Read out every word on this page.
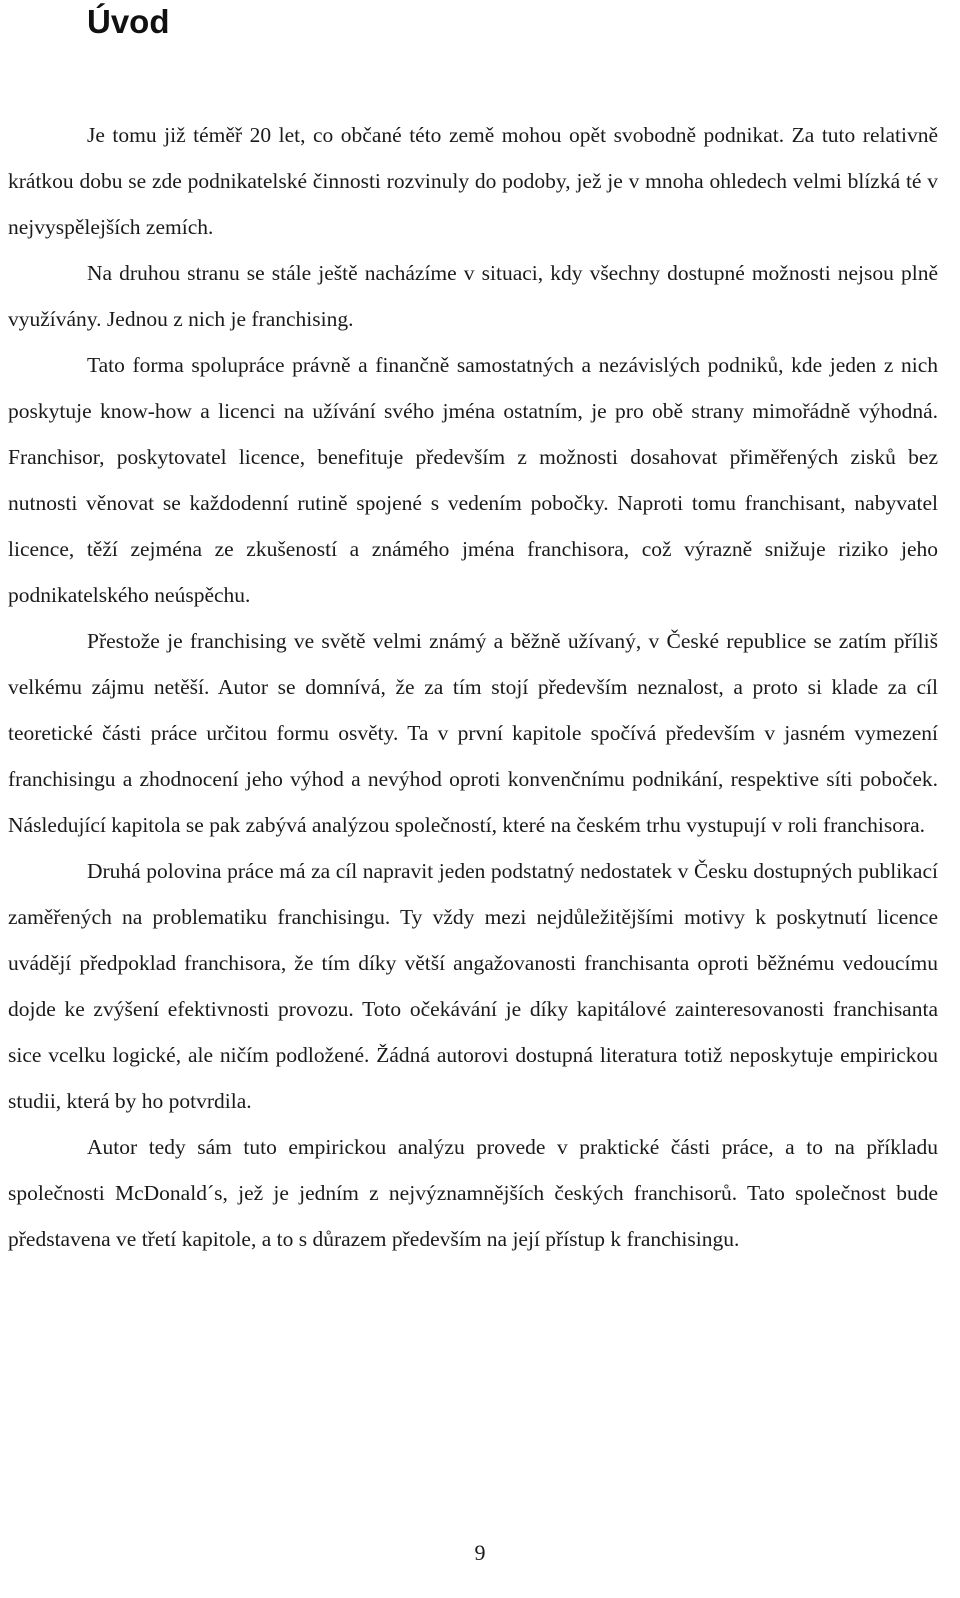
Úvod

Je tomu již téměř 20 let, co občané této země mohou opět svobodně podnikat. Za tuto relativně krátkou dobu se zde podnikatelské činnosti rozvinuly do podoby, jež je v mnoha ohledech velmi blízká té v nejvyspělejších zemích.

Na druhou stranu se stále ještě nacházíme v situaci, kdy všechny dostupné možnosti nejsou plně využívány. Jednou z nich je franchising.

Tato forma spolupráce právně a finančně samostatných a nezávislých podniků, kde jeden z nich poskytuje know-how a licenci na užívání svého jména ostatním, je pro obě strany mimořádně výhodná. Franchisor, poskytovatel licence, benefituje především z možnosti dosahovat přiměřených zisků bez nutnosti věnovat se každodenní rutině spojené s vedením pobočky. Naproti tomu franchisant, nabyvatel licence, těží zejména ze zkušeností a známého jména franchisora, což výrazně snižuje riziko jeho podnikatelského neúspěchu.

Přestože je franchising ve světě velmi známý a běžně užívaný, v České republice se zatím příliš velkému zájmu netěší. Autor se domnívá, že za tím stojí především neznalost, a proto si klade za cíl teoretické části práce určitou formu osvěty. Ta v první kapitole spočívá především v jasném vymezení franchisingu a zhodnocení jeho výhod a nevýhod oproti konvenčnímu podnikání, respektive síti poboček. Následující kapitola se pak zabývá analýzou společností, které na českém trhu vystupují v roli franchisora.

Druhá polovina práce má za cíl napravit jeden podstatný nedostatek v Česku dostupných publikací zaměřených na problematiku franchisingu. Ty vždy mezi nejdůležitějšími motivy k poskytnutí licence uvádějí předpoklad franchisora, že tím díky větší angažovanosti franchisanta oproti běžnému vedoucímu dojde ke zvýšení efektivnosti provozu. Toto očekávání je díky kapitálové zainteresovanosti franchisanta sice vcelku logické, ale ničím podložené. Žádná autorovi dostupná literatura totiž neposkytuje empirickou studii, která by ho potvrdila.

Autor tedy sám tuto empirickou analýzu provede v praktické části práce, a to na příkladu společnosti McDonald´s, jež je jedním z nejvýznamnějších českých franchisorů. Tato společnost bude představena ve třetí kapitole, a to s důrazem především na její přístup k franchisingu.

9
